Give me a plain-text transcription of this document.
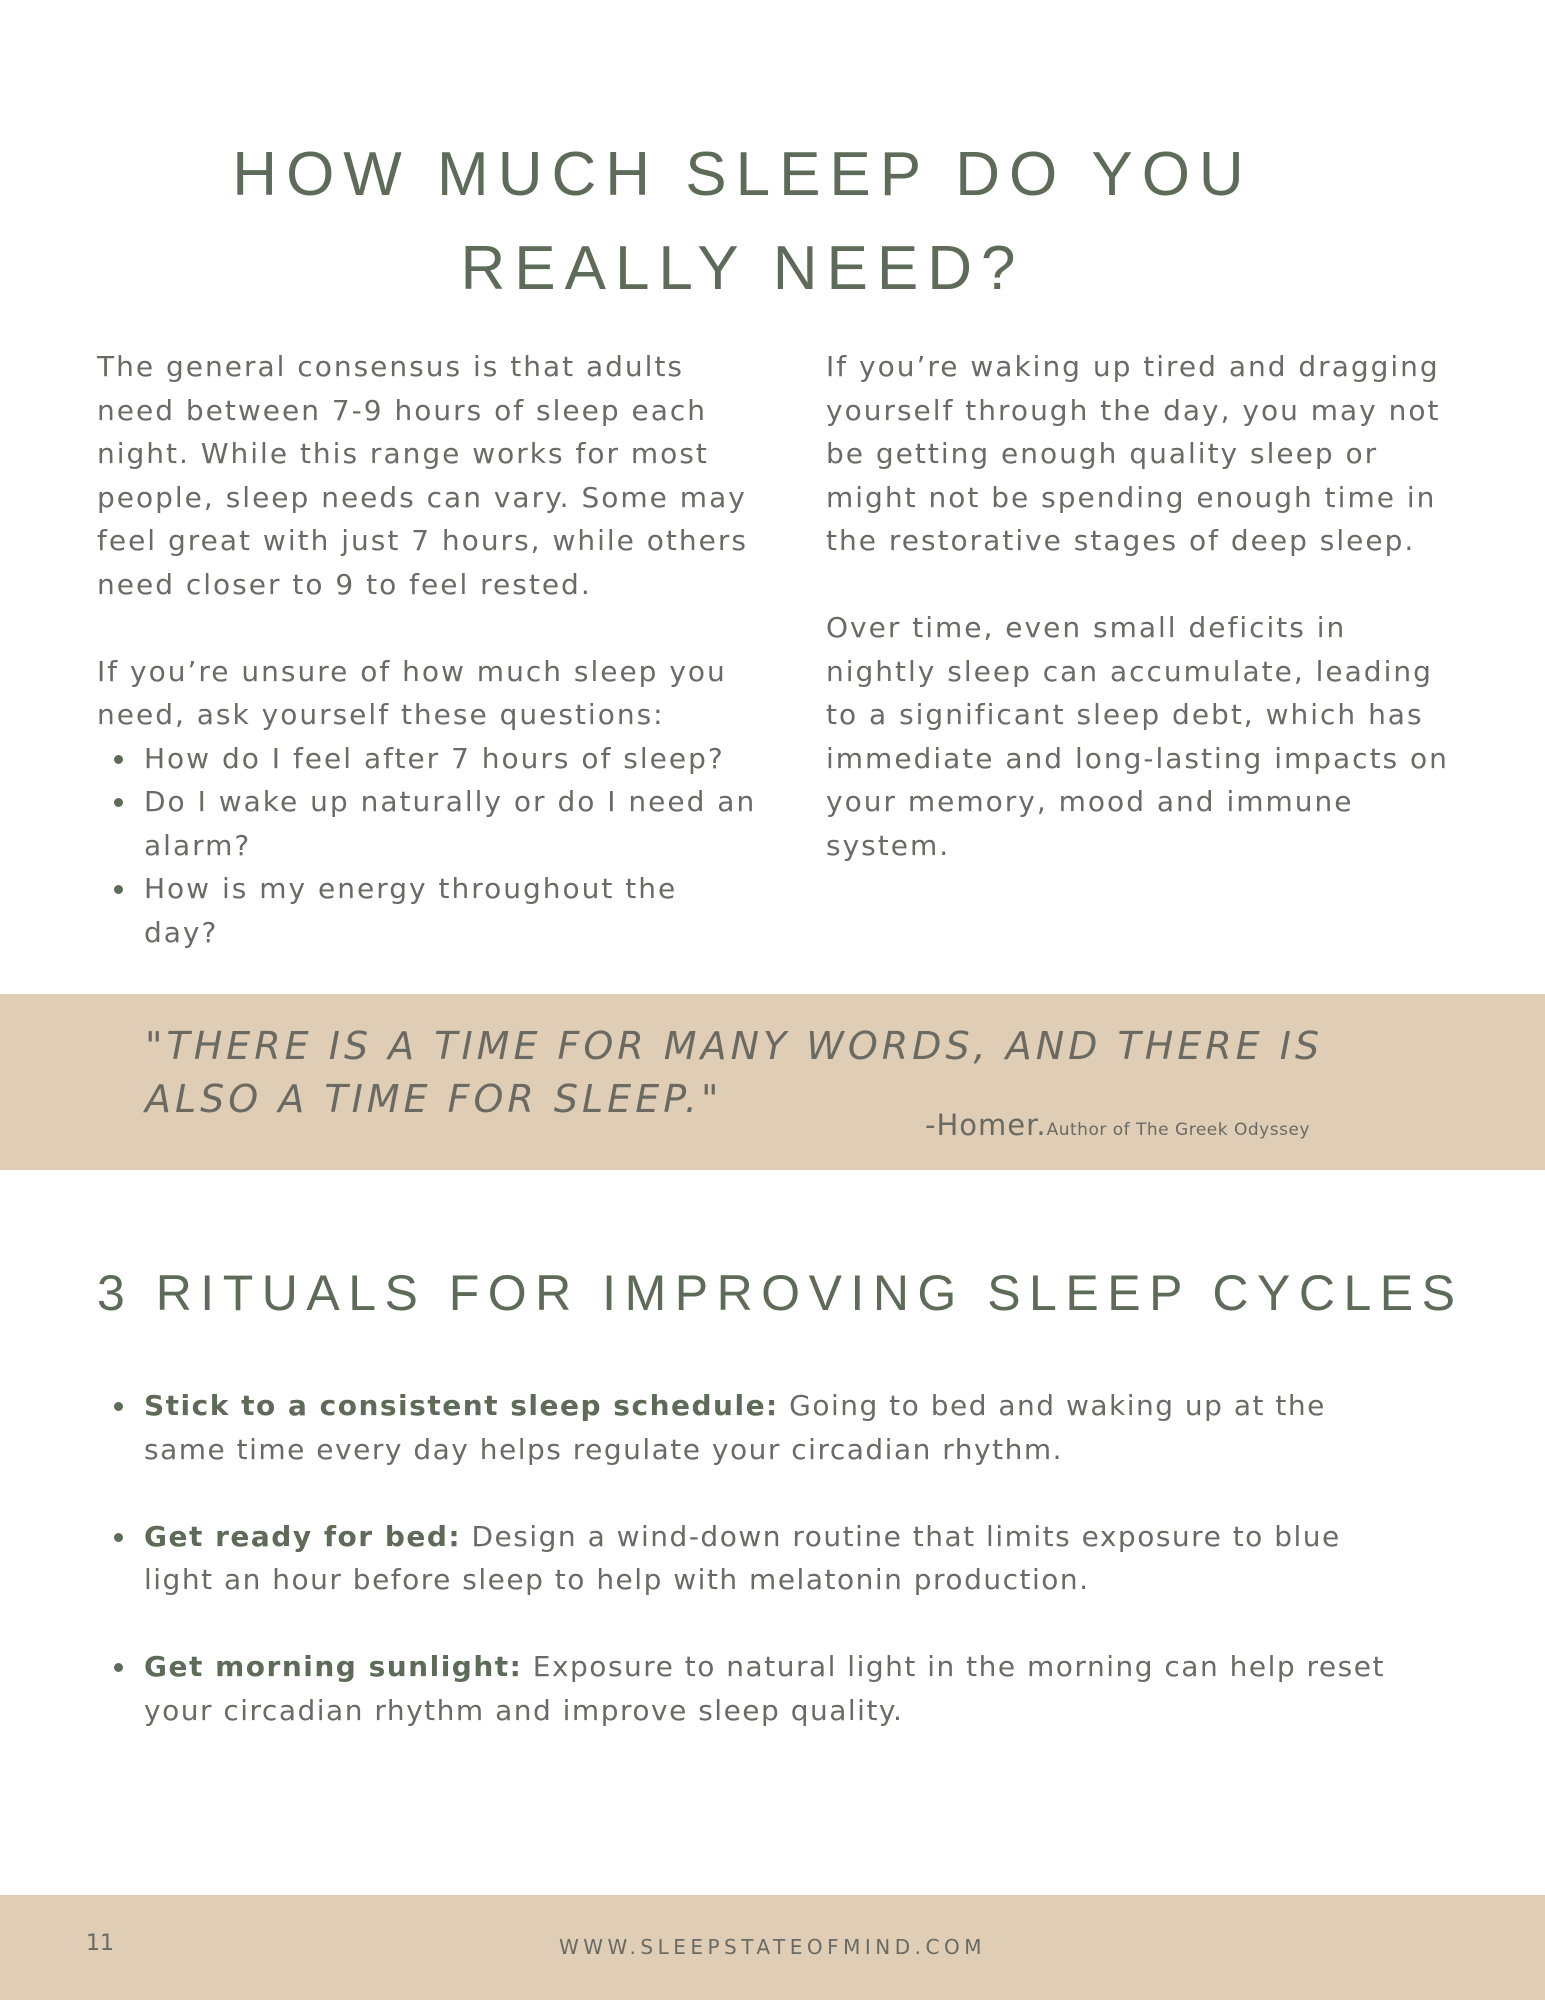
HOW MUCH SLEEP DO YOU
REALLY NEED?

The general consensus is that adults need between 7-9 hours of sleep each night. While this range works for most people, sleep needs can vary. Some may feel great with just 7 hours, while others need closer to 9 to feel rested.

If you’re unsure of how much sleep you need, ask yourself these questions:

How do I feel after 7 hours of sleep?
Do I wake up naturally or do I need an alarm?
How is my energy throughout the day?

If you’re waking up tired and dragging yourself through the day, you may not be getting enough quality sleep or might not be spending enough time in the restorative stages of deep sleep.

Over time, even small deficits in nightly sleep can accumulate, leading to a significant sleep debt, which has immediate and long-lasting impacts on your memory, mood and immune system.

"THERE IS A TIME FOR MANY WORDS, AND THERE IS ALSO A TIME FOR SLEEP."

-Homer.Author of The Greek Odyssey
3 RITUALS FOR IMPROVING SLEEP CYCLES
Stick to a consistent sleep schedule: Going to bed and waking up at the same time every day helps regulate your circadian rhythm.
Get ready for bed: Design a wind-down routine that limits exposure to blue light an hour before sleep to help with melatonin production.
Get morning sunlight: Exposure to natural light in the morning can help reset your circadian rhythm and improve sleep quality.
11	WWW.SLEEPSTATEOFMIND.COM
